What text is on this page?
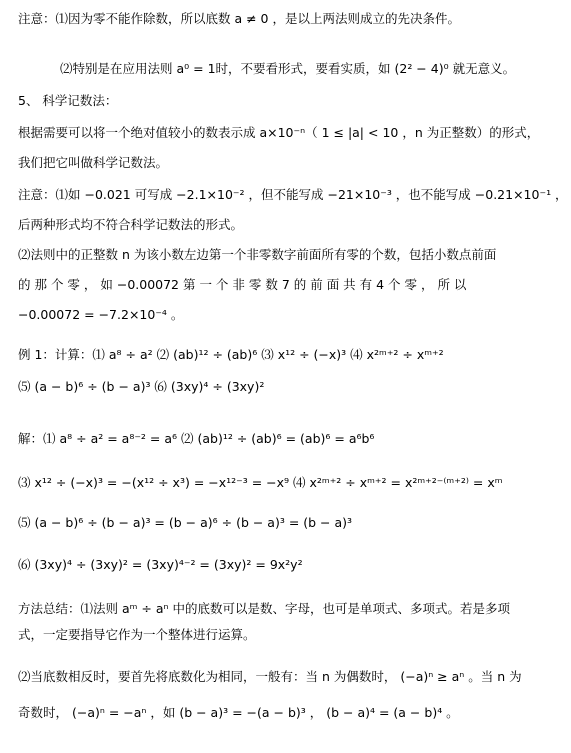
注意：⑴因为零不能作除数，所以底数 a ≠ 0 ，是以上两法则成立的先决条件。
⑵特别是在应用法则 a⁰ = 1时，不要看形式，要看实质，如 (2² − 4)⁰ 就无意义。
5、 科学记数法：
根据需要可以将一个绝对值较小的数表示成 a×10⁻ⁿ（ 1 ≤ |a| < 10 ，n 为正整数）的形式，
我们把它叫做科学记数法。
注意：⑴如 −0.021 可写成 −2.1×10⁻² ，但不能写成 −21×10⁻³ ，也不能写成 −0.21×10⁻¹ ，
后两种形式均不符合科学记数法的形式。
⑵法则中的正整数 n 为该小数左边第一个非零数字前面所有零的个数，包括小数点前面
的 那 个 零 ， 如 −0.00072 第 一 个 非 零 数 7 的 前 面 共 有 4 个 零 ， 所 以
−0.00072 = −7.2×10⁻⁴ 。
例 1：计算：⑴ a⁸ ÷ a² ⑵ (ab)¹² ÷ (ab)⁶ ⑶ x¹² ÷ (−x)³ ⑷ x²ᵐ⁺² ÷ xᵐ⁺²
⑸ (a − b)⁶ ÷ (b − a)³ ⑹ (3xy)⁴ ÷ (3xy)²
解：⑴ a⁸ ÷ a² = a⁸⁻² = a⁶ ⑵ (ab)¹² ÷ (ab)⁶ = (ab)⁶ = a⁶b⁶
⑶ x¹² ÷ (−x)³ = −(x¹² ÷ x³) = −x¹²⁻³ = −x⁹ ⑷ x²ᵐ⁺² ÷ xᵐ⁺² = x²ᵐ⁺²⁻⁽ᵐ⁺²⁾ = xᵐ
⑸ (a − b)⁶ ÷ (b − a)³ = (b − a)⁶ ÷ (b − a)³ = (b − a)³
⑹ (3xy)⁴ ÷ (3xy)² = (3xy)⁴⁻² = (3xy)² = 9x²y²
方法总结：⑴法则 aᵐ ÷ aⁿ 中的底数可以是数、字母，也可是单项式、多项式。若是多项
式，一定要指导它作为一个整体进行运算。
⑵当底数相反时，要首先将底数化为相同，一般有：当 n 为偶数时， (−a)ⁿ ≥ aⁿ 。当 n 为
奇数时， (−a)ⁿ = −aⁿ ，如 (b − a)³ = −(a − b)³ ， (b − a)⁴ = (a − b)⁴ 。
